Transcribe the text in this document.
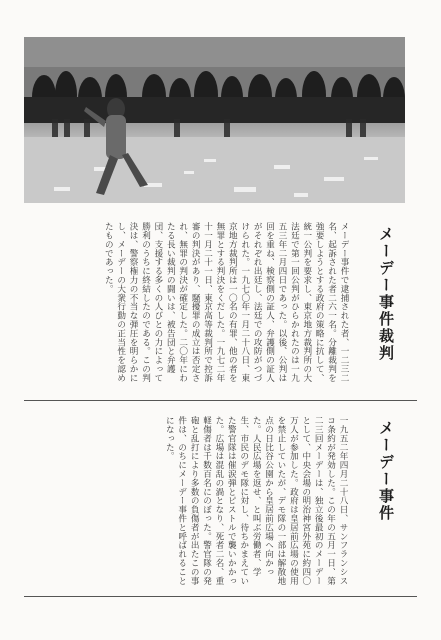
メーデー事件裁判
メーデー事件で逮捕された者、一二三二名、起訴された者二六一名。分離裁判を強要しようとする政府の策略に抗して、統一公判を要求し、東京地方裁判所の大法廷で第一回公判がひらかれたのは一九五三年二月四日であった。以後、公判は回を重ね、検察側の証人、弁護側の証人がそれぞれ出廷し、法廷での攻防がつづけられた。一九七〇年一月二十八日、東京地方裁判所は一〇名の有罪、他の者を無罪とする判決をくだした。一九七二年十一月二十一日、東京高等裁判所で控訴審の判決があり、騒擾罪の成立は否定され、無罪の判決が確定した。二〇年にわたる長い裁判の闘いは、被告団と弁護団、支援する多くの人びとの力によって勝利のうちに終結したのである。この判決は、警察権力の不当な弾圧を明らかにし、メーデーの大衆行動の正当性を認めたものであった。
メーデー事件
一九五二年四月二十八日、サンフランシスコ条約が発効した。この年の五月一日、第二三回メーデーは、独立後最初のメーデーとして、中央会場の明治神宮外苑に約四〇万人が参加した。政府は皇居前広場の使用を禁止していたが、デモ隊の一部は解散地点の日比谷公園から皇居前広場へ向かった。人民広場を返せ、と叫ぶ労働者、学生、市民のデモ隊に対し、待ちかまえていた警官隊は催涙弾とピストルで襲いかかった。広場は混乱の渦となり、死者二名、重軽傷者は千数百名にのぼった。警官隊の発砲と乱打により多数の負傷者が出たこの事件は、のちにメーデー事件と呼ばれることになった。
